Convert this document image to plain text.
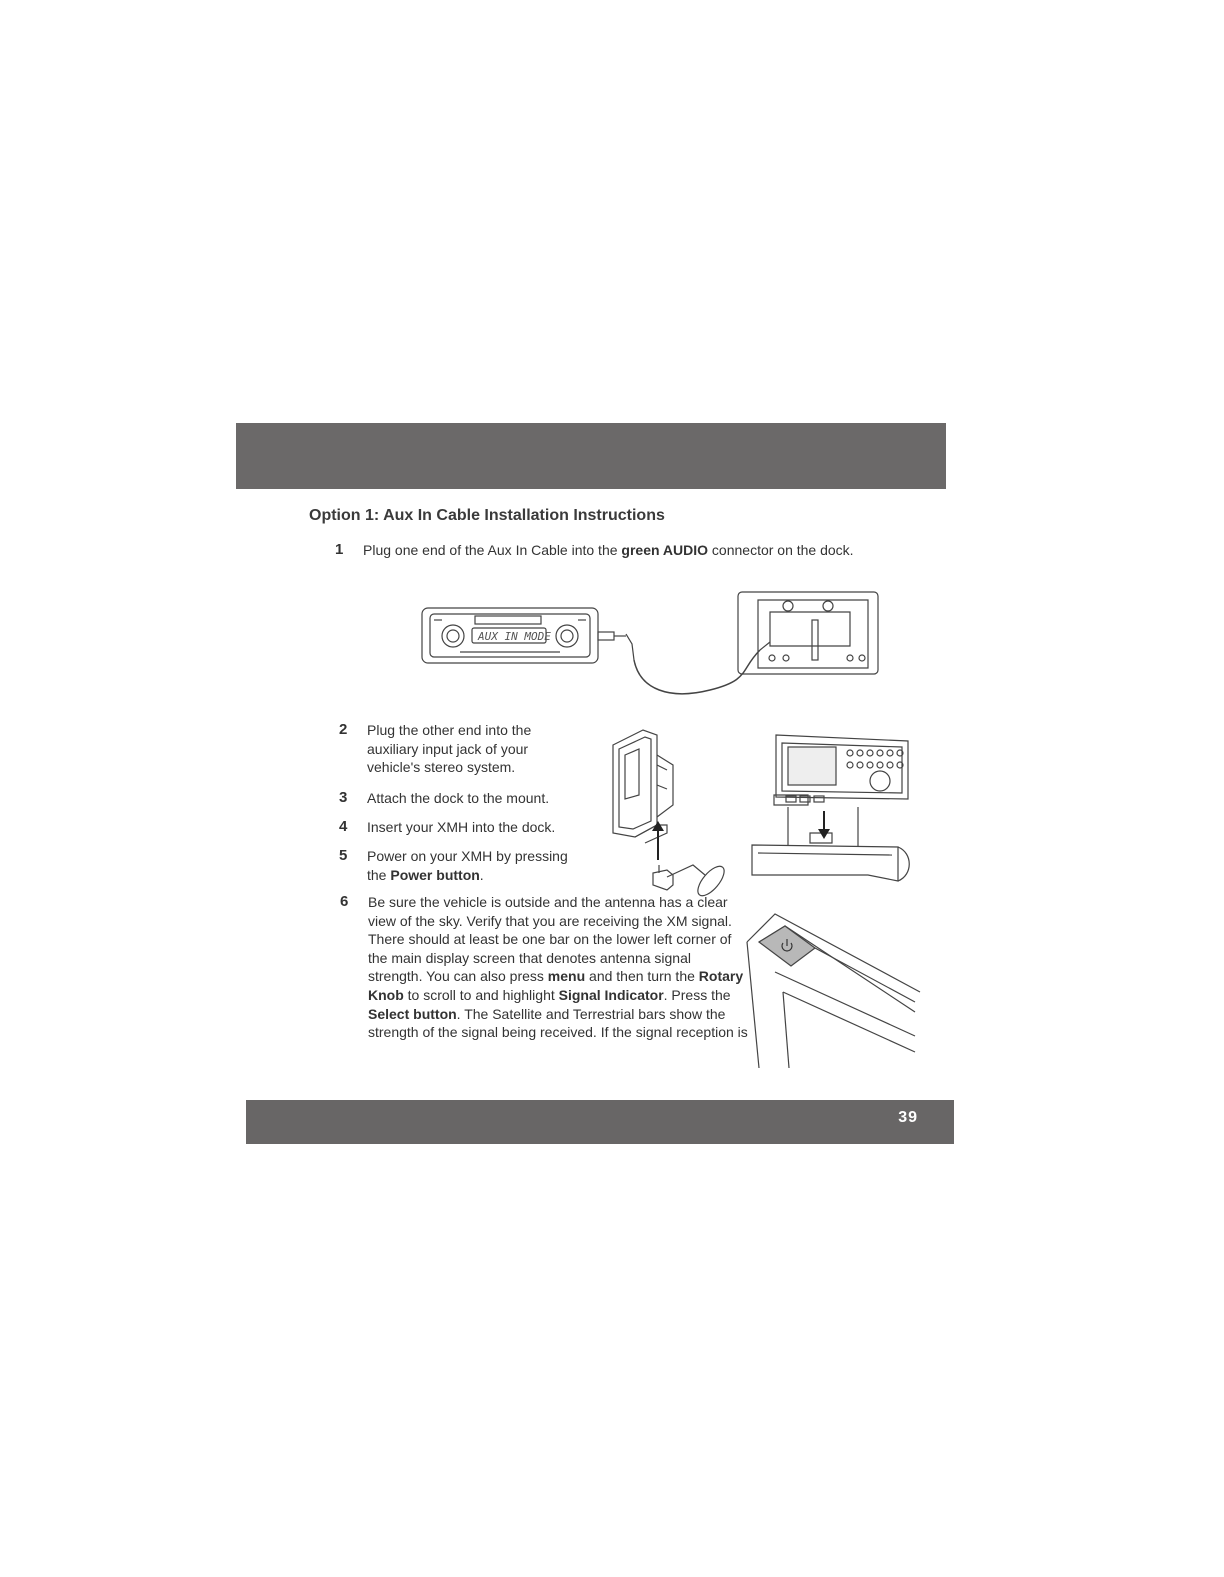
Option 1: Aux In Cable Installation Instructions
1 Plug one end of the Aux In Cable into the green AUDIO connector on the dock.
AUX IN MODE
2 Plug the other end into the auxiliary input jack of your vehicle's stereo system.
3 Attach the dock to the mount.
4 Insert your XMH into the dock.
5 Power on your XMH by pressing the Power button.
6 Be sure the vehicle is outside and the antenna has a clear view of the sky. Verify that you are receiving the XM signal. There should at least be one bar on the lower left corner of the main display screen that denotes antenna signal strength. You can also press menu and then turn the Rotary Knob to scroll to and highlight Signal Indicator. Press the Select button. The Satellite and Terrestrial bars show the strength of the signal being received. If the signal reception is
39
